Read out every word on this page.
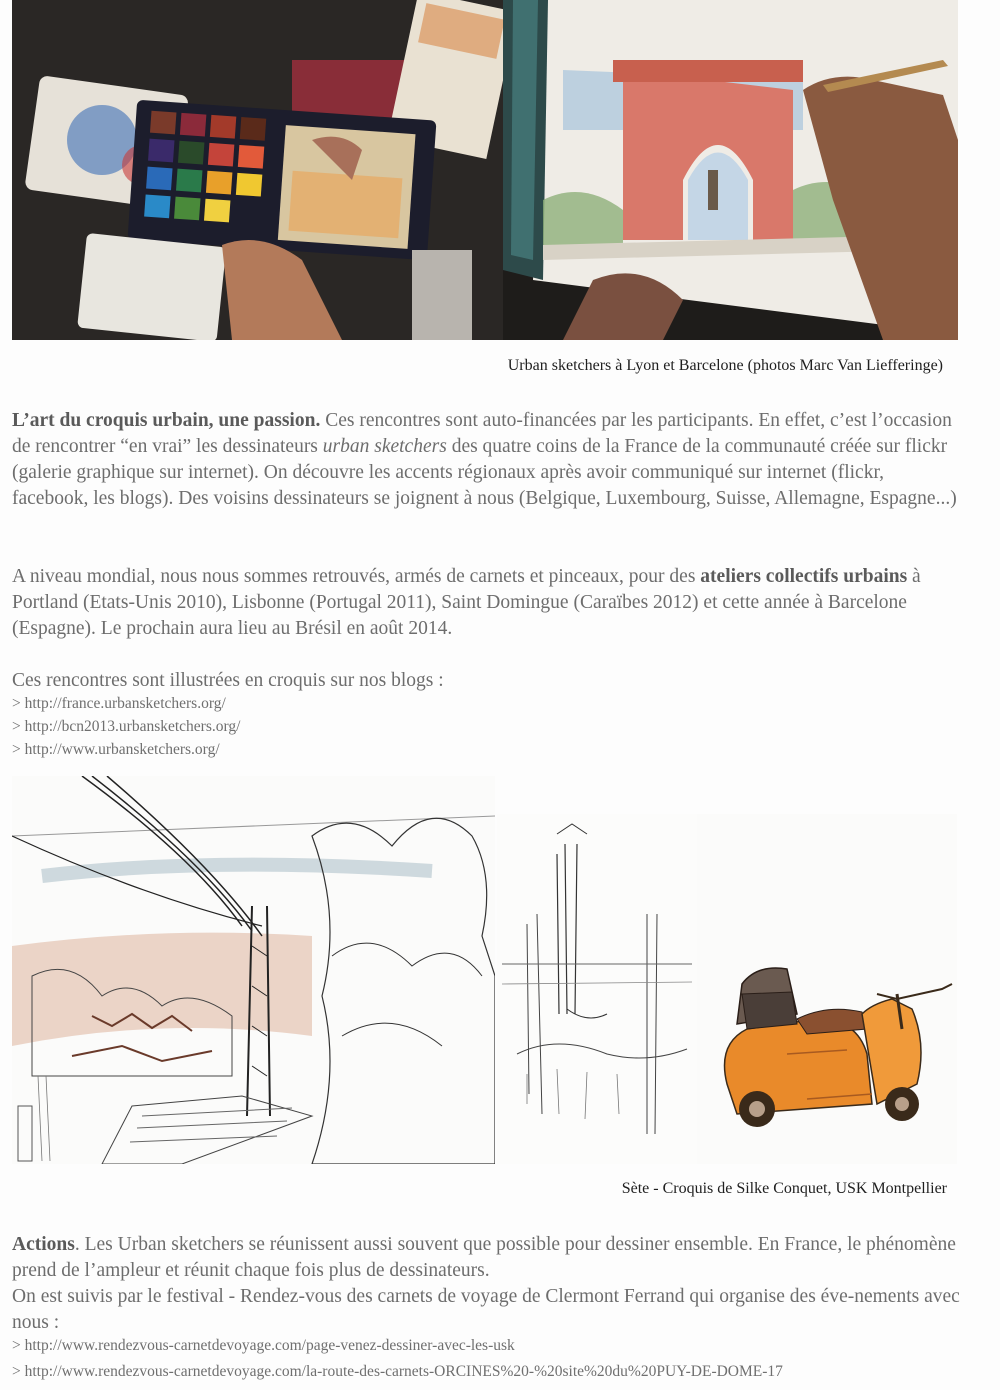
Urban sketchers à Lyon et Barcelone (photos Marc Van Liefferinge)

L’art du croquis urbain, une passion. Ces rencontres sont auto-financées par les participants. En effet, c’est l’occasion de rencontrer “en vrai” les dessinateurs urban sketchers des quatre coins de la France de la communauté créée sur flickr (galerie graphique sur internet). On découvre les accents régionaux après avoir communiqué sur internet (flickr, facebook, les blogs). Des voisins dessinateurs se joignent à nous (Belgique, Luxembourg, Suisse, Allemagne, Espagne...)

A niveau mondial, nous nous sommes retrouvés, armés de carnets et pinceaux, pour des ateliers collectifs urbains à Portland (Etats-Unis 2010), Lisbonne (Portugal 2011), Saint Domingue (Caraïbes 2012) et cette année à Barcelone (Espagne). Le prochain aura lieu au Brésil en août 2014.

Ces rencontres sont illustrées en croquis sur nos blogs :

> http://france.urbansketchers.org/
> http://bcn2013.urbansketchers.org/
> http://www.urbansketchers.org/
Sète - Croquis de Silke Conquet, USK Montpellier

Actions. Les Urban sketchers se réunissent aussi souvent que possible pour dessiner ensemble. En France, le phénomène prend de l’ampleur et réunit chaque fois plus de dessinateurs.
On est suivis par le festival - Rendez-vous des carnets de voyage de Clermont Ferrand qui organise des éve-nements avec nous :

> http://www.rendezvous-carnetdevoyage.com/page-venez-dessiner-avec-les-usk
> http://www.rendezvous-carnetdevoyage.com/la-route-des-carnets-ORCINES%20-%20site%20du%20PUY-DE-DOME-17
